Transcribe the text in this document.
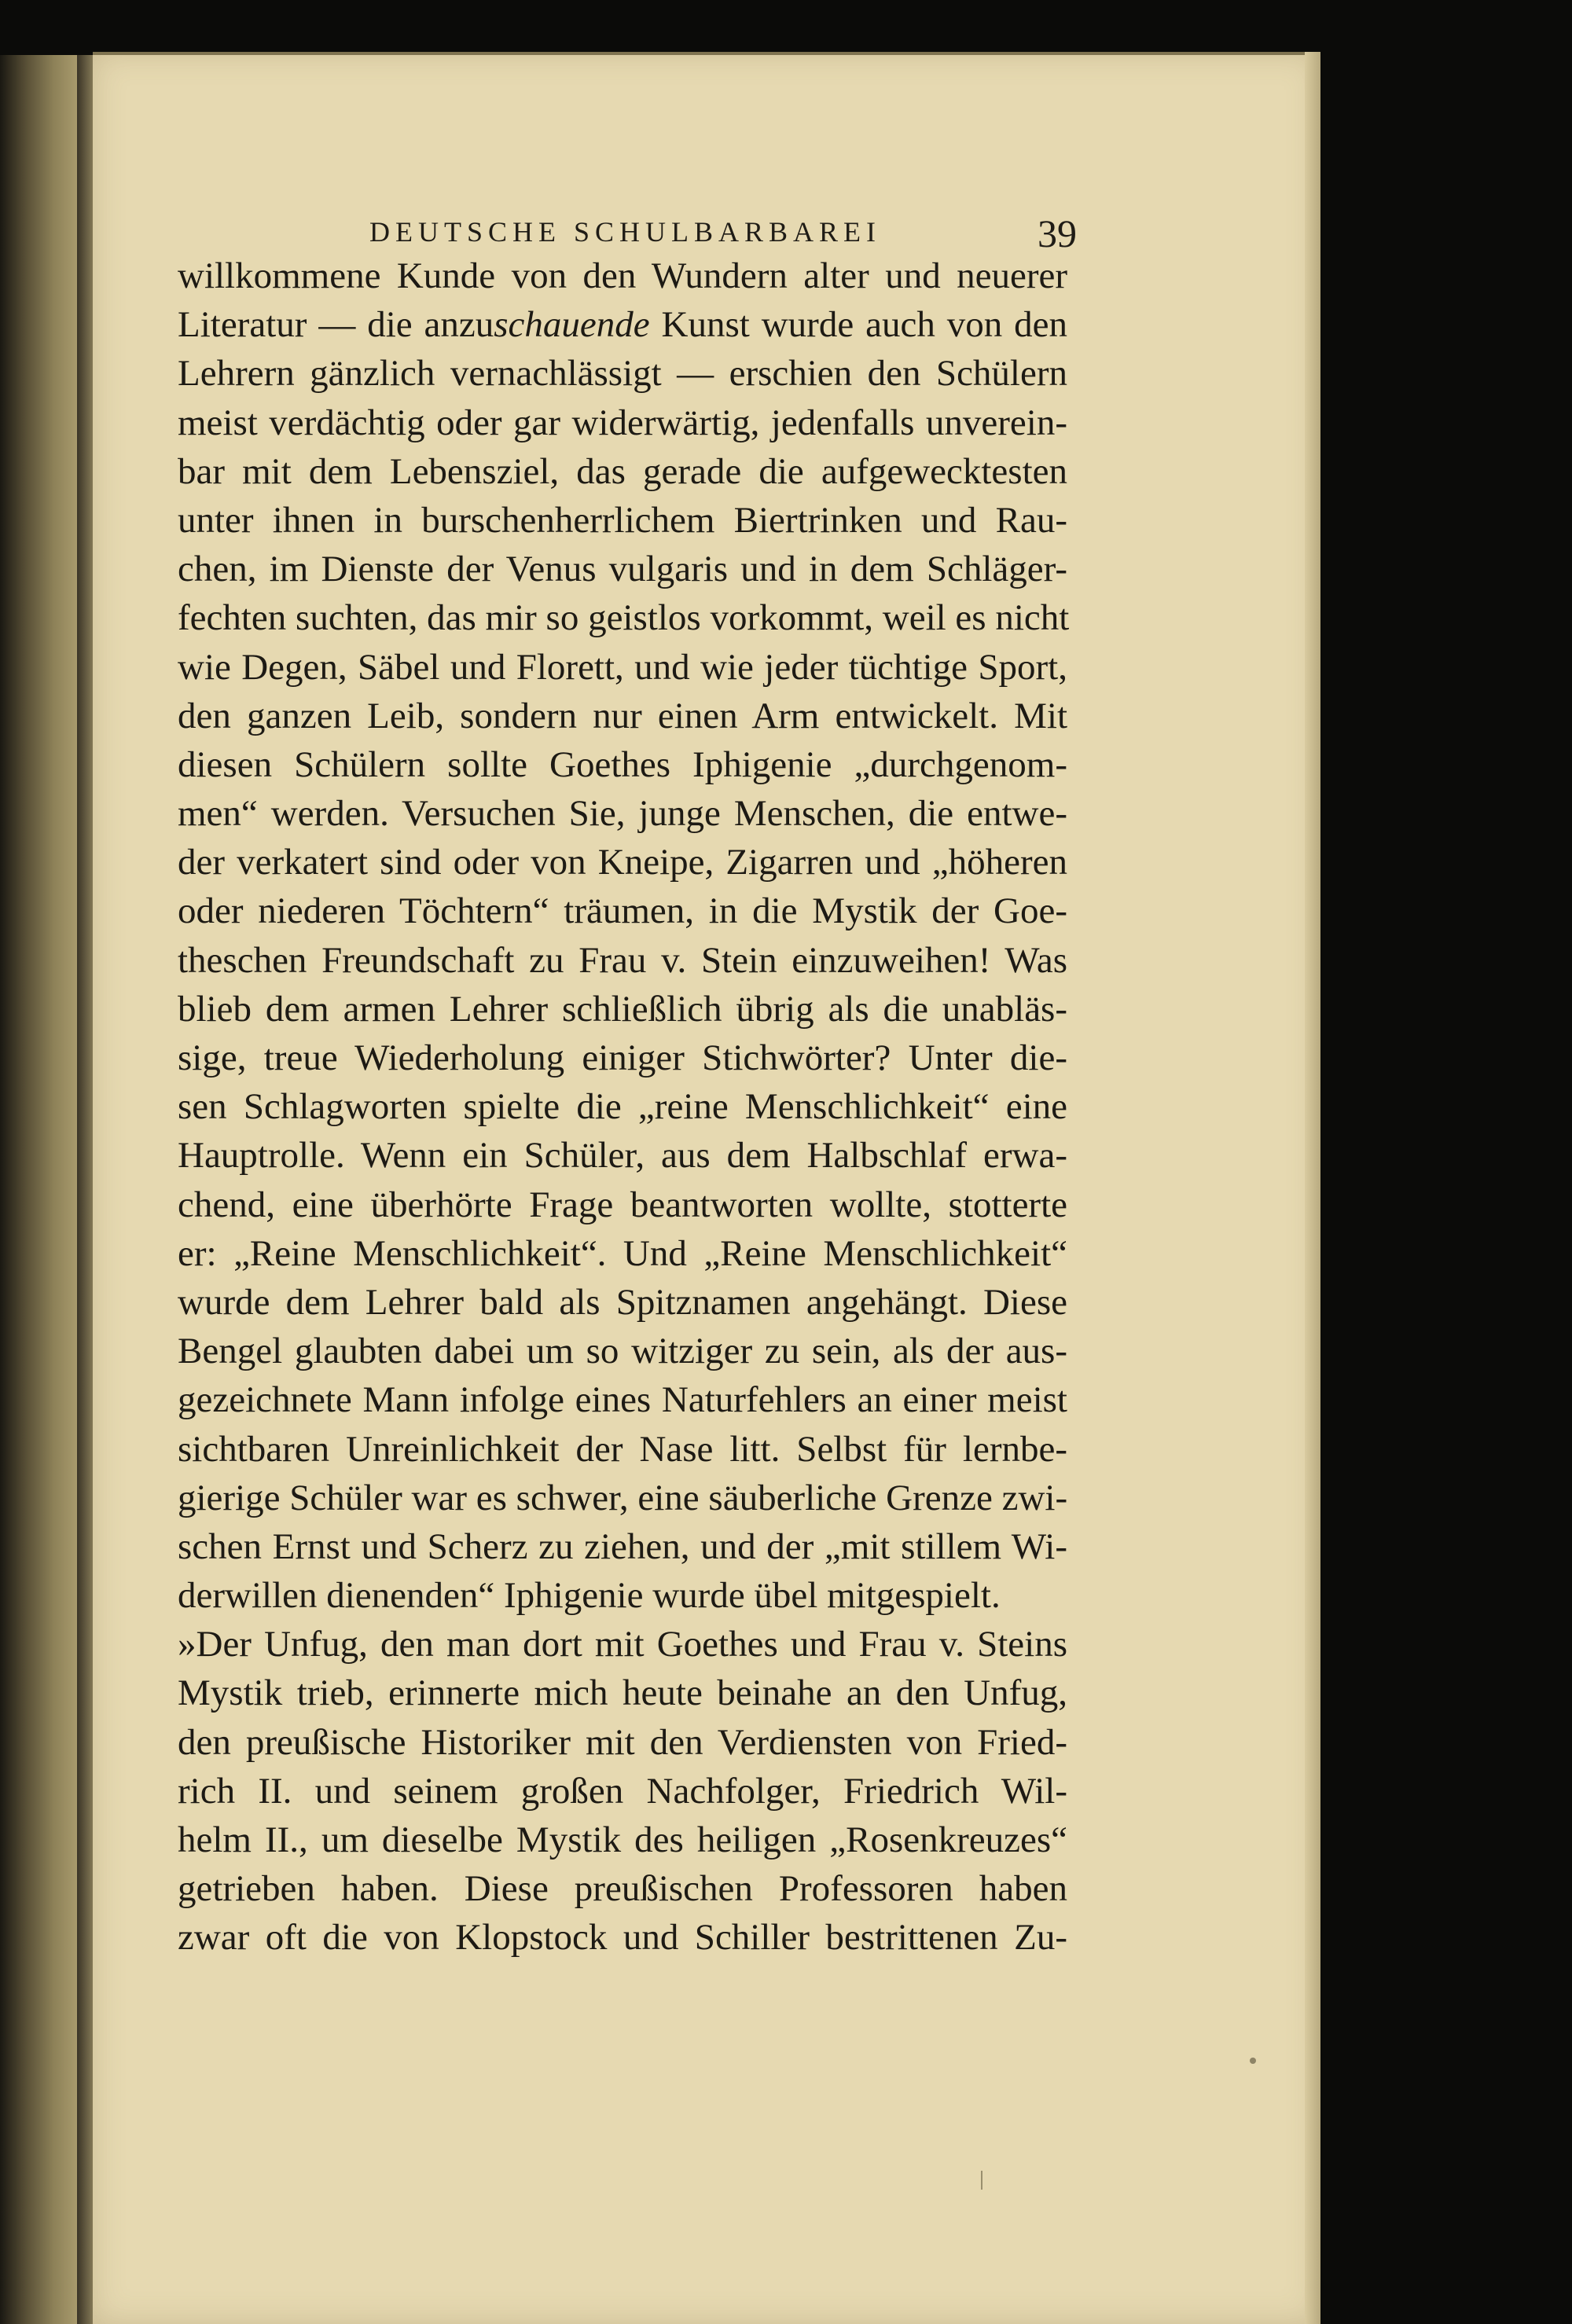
DEUTSCHE SCHULBARBAREI	39
willkommene Kunde von den Wundern alter und neuerer
Literatur — die anzuschauende Kunst wurde auch von den
Lehrern gänzlich vernachlässigt — erschien den Schülern
meist verdächtig oder gar widerwärtig, jedenfalls unverein-
bar mit dem Lebensziel, das gerade die aufgewecktesten
unter ihnen in burschenherrlichem Biertrinken und Rau-
chen, im Dienste der Venus vulgaris und in dem Schläger-
fechten suchten, das mir so geistlos vorkommt, weil es nicht
wie Degen, Säbel und Florett, und wie jeder tüchtige Sport,
den ganzen Leib, sondern nur einen Arm entwickelt. Mit
diesen Schülern sollte Goethes Iphigenie „durchgenom-
men“ werden. Versuchen Sie, junge Menschen, die entwe-
der verkatert sind oder von Kneipe, Zigarren und „höheren
oder niederen Töchtern“ träumen, in die Mystik der Goe-
theschen Freundschaft zu Frau v. Stein einzuweihen! Was
blieb dem armen Lehrer schließlich übrig als die unabläs-
sige, treue Wiederholung einiger Stichwörter? Unter die-
sen Schlagworten spielte die „reine Menschlichkeit“ eine
Hauptrolle. Wenn ein Schüler, aus dem Halbschlaf erwa-
chend, eine überhörte Frage beantworten wollte, stotterte
er: „Reine Menschlichkeit“. Und „Reine Menschlichkeit“
wurde dem Lehrer bald als Spitznamen angehängt. Diese
Bengel glaubten dabei um so witziger zu sein, als der aus-
gezeichnete Mann infolge eines Naturfehlers an einer meist
sichtbaren Unreinlichkeit der Nase litt. Selbst für lernbe-
gierige Schüler war es schwer, eine säuberliche Grenze zwi-
schen Ernst und Scherz zu ziehen, und der „mit stillem Wi-
derwillen dienenden“ Iphigenie wurde übel mitgespielt.
»Der Unfug, den man dort mit Goethes und Frau v. Steins
Mystik trieb, erinnerte mich heute beinahe an den Unfug,
den preußische Historiker mit den Verdiensten von Fried-
rich II. und seinem großen Nachfolger, Friedrich Wil-
helm II., um dieselbe Mystik des heiligen „Rosenkreuzes“
getrieben haben. Diese preußischen Professoren haben
zwar oft die von Klopstock und Schiller bestrittenen Zu-
